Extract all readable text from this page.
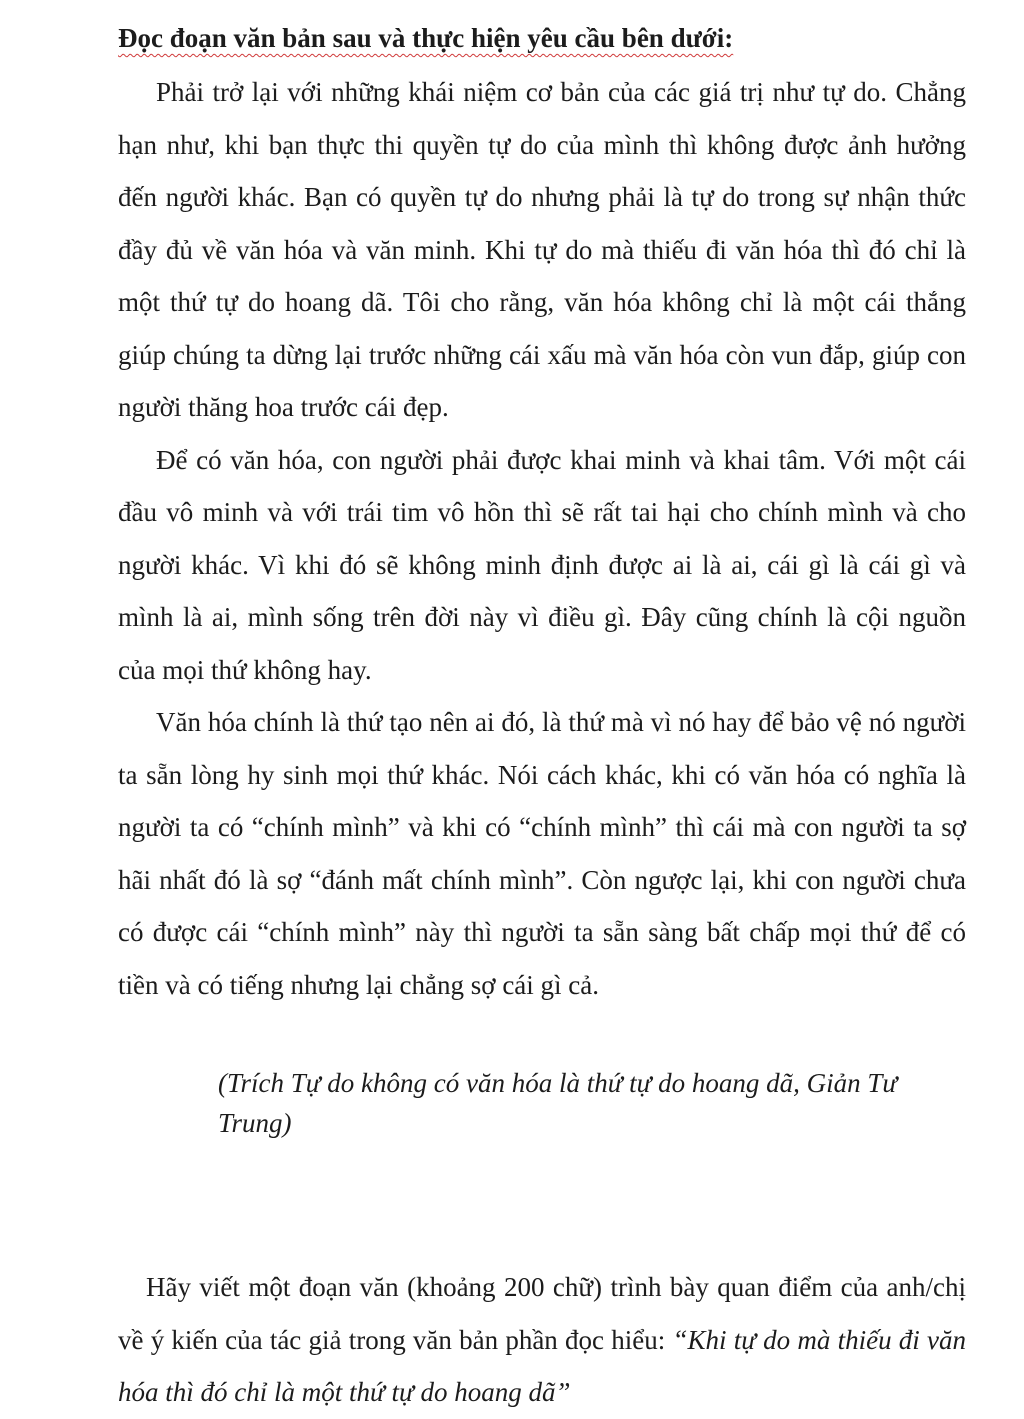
Đọc đoạn văn bản sau và thực hiện yêu cầu bên dưới:

Phải trở lại với những khái niệm cơ bản của các giá trị như tự do. Chẳng hạn như, khi bạn thực thi quyền tự do của mình thì không được ảnh hưởng đến người khác. Bạn có quyền tự do nhưng phải là tự do trong sự nhận thức đầy đủ về văn hóa và văn minh. Khi tự do mà thiếu đi văn hóa thì đó chỉ là một thứ tự do hoang dã. Tôi cho rằng, văn hóa không chỉ là một cái thắng giúp chúng ta dừng lại trước những cái xấu mà văn hóa còn vun đắp, giúp con người thăng hoa trước cái đẹp.

Để có văn hóa, con người phải được khai minh và khai tâm. Với một cái đầu vô minh và với trái tim vô hồn thì sẽ rất tai hại cho chính mình và cho người khác. Vì khi đó sẽ không minh định được ai là ai, cái gì là cái gì và mình là ai, mình sống trên đời này vì điều gì. Đây cũng chính là cội nguồn của mọi thứ không hay.

Văn hóa chính là thứ tạo nên ai đó, là thứ mà vì nó hay để bảo vệ nó người ta sẵn lòng hy sinh mọi thứ khác. Nói cách khác, khi có văn hóa có nghĩa là người ta có “chính mình” và khi có “chính mình” thì cái mà con người ta sợ hãi nhất đó là sợ “đánh mất chính mình”. Còn ngược lại, khi con người chưa có được cái “chính mình” này thì người ta sẵn sàng bất chấp mọi thứ để có tiền và có tiếng nhưng lại chẳng sợ cái gì cả.

(Trích Tự do không có văn hóa là thứ tự do hoang dã, Giản Tư Trung)

Hãy viết một đoạn văn (khoảng 200 chữ) trình bày quan điểm của anh/chị về ý kiến của tác giả trong văn bản phần đọc hiểu: “Khi tự do mà thiếu đi văn hóa thì đó chỉ là một thứ tự do hoang dã”
